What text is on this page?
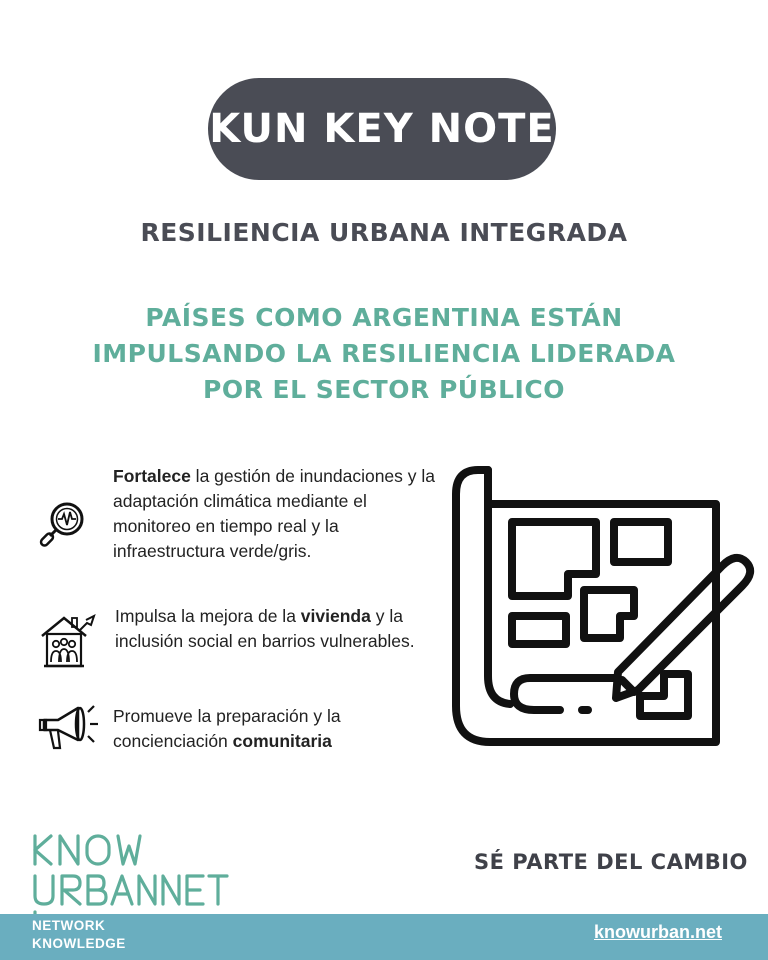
KUN KEY NOTE
RESILIENCIA URBANA INTEGRADA
PAÍSES COMO ARGENTINA ESTÁN IMPULSANDO LA RESILIENCIA LIDERADA POR EL SECTOR PÚBLICO
Fortalece la gestión de inundaciones y la adaptación climática mediante el monitoreo en tiempo real y la infraestructura verde/gris.
Impulsa la mejora de la vivienda y la inclusión social en barrios vulnerables.
Promueve la preparación y la concienciación comunitaria
SÉ PARTE DEL CAMBIO
NETWORK
KNOWLEDGE
knowurban.net
